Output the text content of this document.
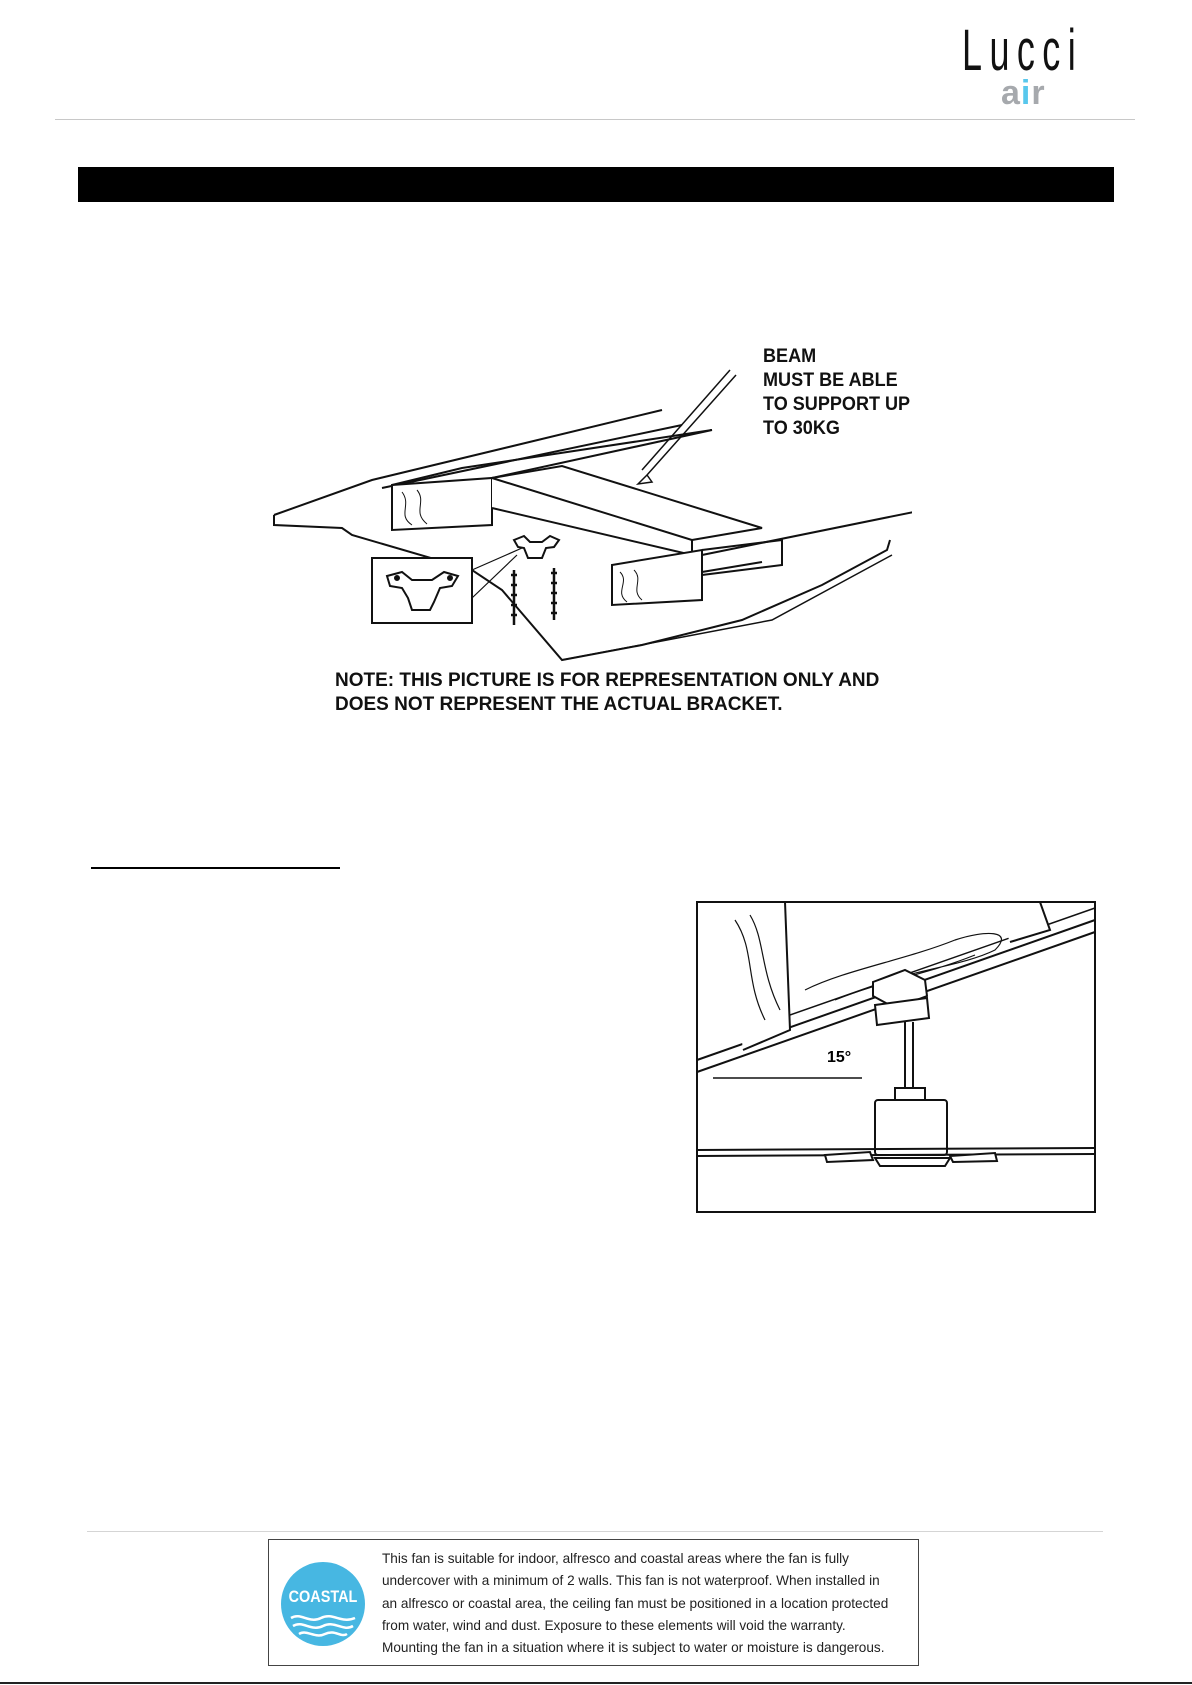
Lucci
air
BEAM
MUST BE ABLE
TO SUPPORT UP
TO 30KG
NOTE: THIS PICTURE IS FOR REPRESENTATION ONLY AND
DOES NOT REPRESENT THE ACTUAL BRACKET.
15°
COASTAL
This fan is suitable for indoor, alfresco and coastal areas where the fan is fully
undercover with a minimum of 2 walls. This fan is not waterproof. When installed in
an alfresco or coastal area, the ceiling fan must be positioned in a location protected
from water, wind and dust. Exposure to these elements will void the warranty.
Mounting the fan in a situation where it is subject to water or moisture is dangerous.
